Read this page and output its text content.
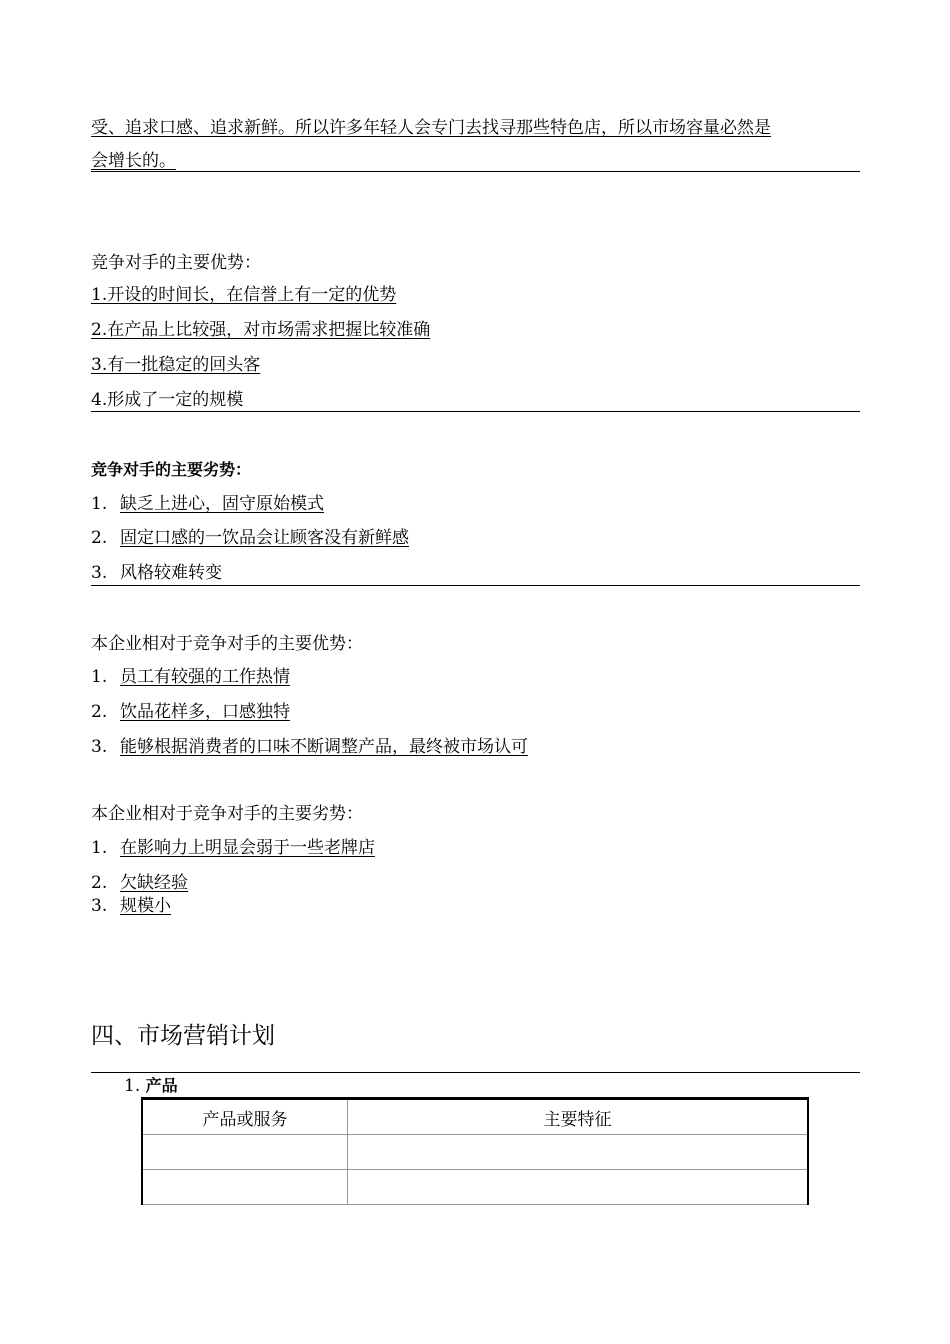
受、追求口感、追求新鲜。所以许多年轻人会专门去找寻那些特色店，所以市场容量必然是
会增长的。
竞争对手的主要优势：
1.开设的时间长，在信誉上有一定的优势
2.在产品上比较强，对市场需求把握比较准确
3.有一批稳定的回头客
4.形成了一定的规模
竞争对手的主要劣势：
1. 缺乏上进心，固守原始模式
2. 固定口感的一饮品会让顾客没有新鲜感
3. 风格较难转变
本企业相对于竞争对手的主要优势：
1. 员工有较强的工作热情
2. 饮品花样多，口感独特
3. 能够根据消费者的口味不断调整产品，最终被市场认可
本企业相对于竞争对手的主要劣势：
1. 在影响力上明显会弱于一些老牌店
2. 欠缺经验
3. 规模小
四、市场营销计划
1. 产品
产品或服务	主要特征
